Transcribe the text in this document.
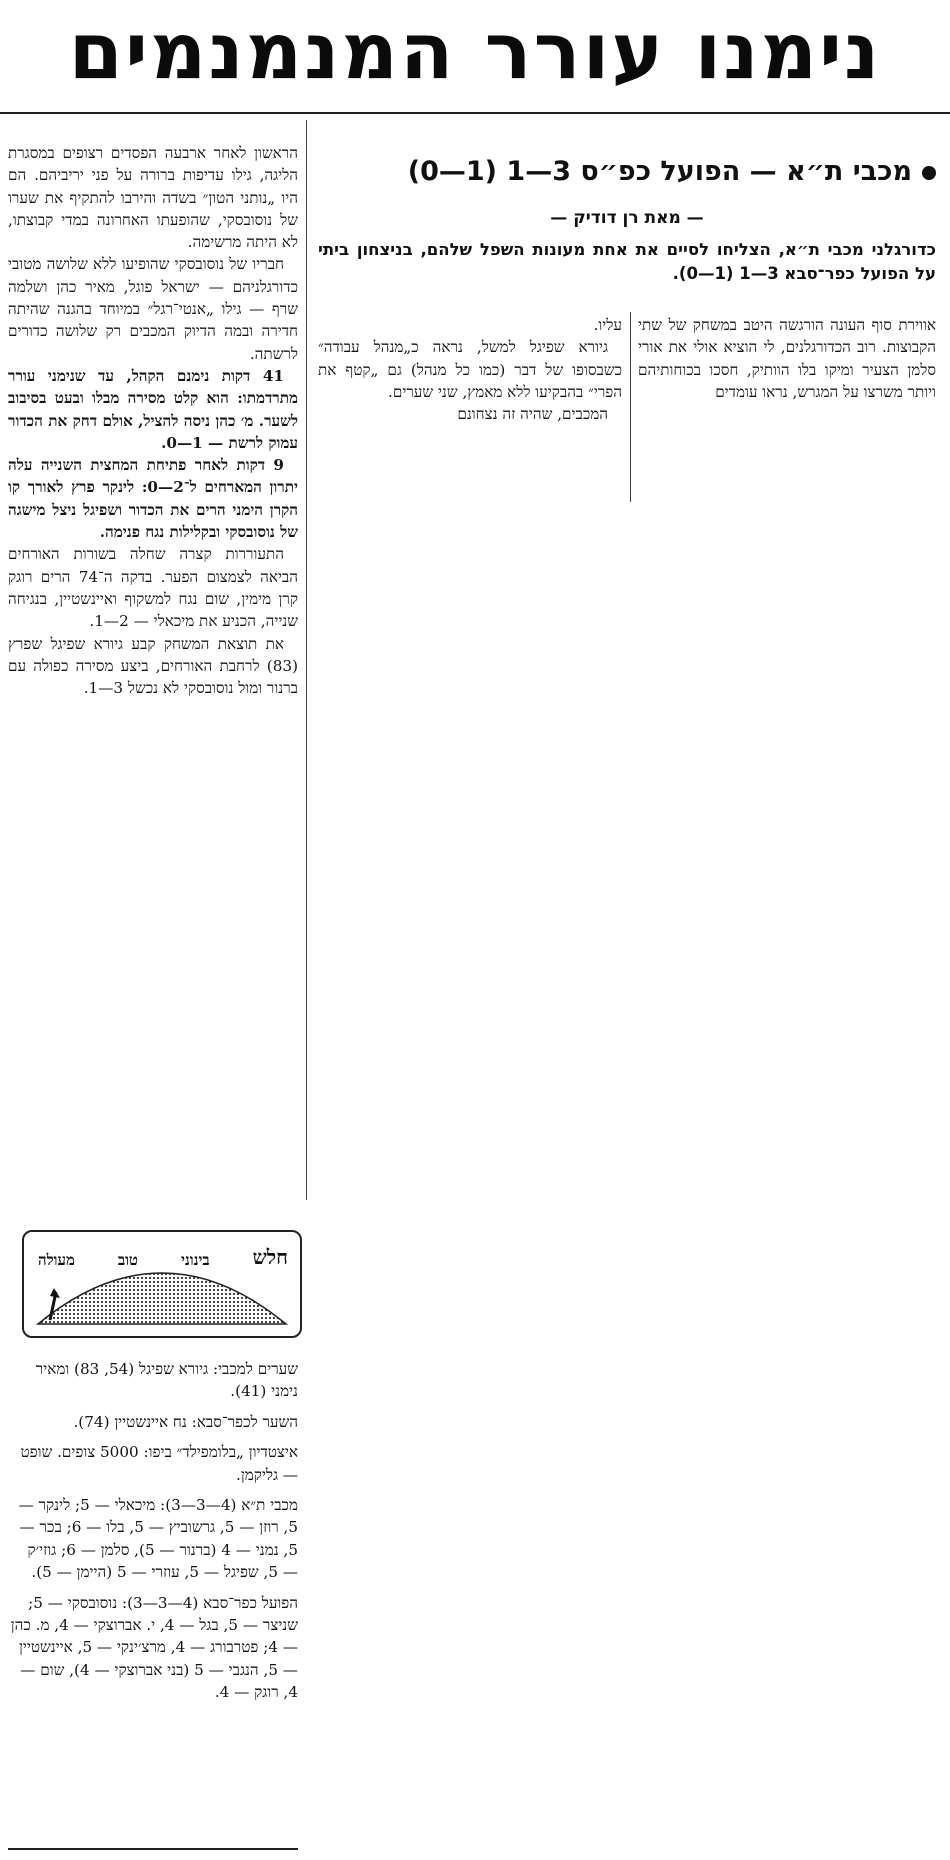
נימנו עורר המנמנמים
מכבי ת״א — הפועל כפ״ס 3—1 (1—0)
— מאת רן דודיק —
כדורגלני מכבי ת״א, הצליחו לסיים את אחת מעונות השפל שלהם, בניצחון ביתי על הפועל כפר־סבא 3—1 (1—0).

אווירת סוף העונה הורגשה היטב במשחק של שתי הקבוצות. רוב הכדורגלנים, לי הוציא אולי את אורי סלמן הצעיר ומיקו בלו הוותיק, חסכו בכוחותיהם ויותר משרצו על המגרש, נראו עומדים

עליו.

גיורא שפיגל למשל, נראה כ„מנהל עבודה״ כשבסופו של דבר (כמו כל מנהל) גם „קטף את הפרי״ בהבקיעו ללא מאמץ, שני שערים.

המכבים, שהיה זה נצחונם

הראשון לאחר ארבעה הפסדים רצופים במסגרת הליגה, גילו עדיפות ברורה על פני יריביהם. הם היו „נותני הטון״ בשדה והירבו להתקיף את שערו של נוסובסקי, שהופעתו האחרונה במדי קבוצתו, לא היתה מרשימה.

חבריו של נוסובסקי שהופיעו ללא שלושה מטובי כדורגלניהם — ישראל פוגל, מאיר כהן ושלמה שרף — גילו „אנטי־רגל״ במיוחד בהגנה שהיתה חדירה ובמה הדיוק המכבים רק שלושה כדורים לרשתה.

41 דקות נימנם הקהל, עד שנימני עורר מתרדמתו: הוא קלט מסירה מבלו ובעט בסיבוב לשער. מ׳ כהן ניסה להציל, אולם דחק את הכדור עמוק לרשת — 1—0.

9 דקות לאחר פתיחת המחצית השנייה עלה יתרון המארחים ל־2—0: לינקר פרץ לאורך קו הקרן הימני הרים את הכדור ושפיגל ניצל מישגה של נוסובסקי ובקלילות נגח פנימה.

התעוררות קצרה שחלה בשורות האורחים הביאה לצמצום הפער. בדקה ה־74 הרים רוגק קרן מימין, שום נגח למשקוף ואיינשטיין, בנגיחה שנייה, הכניע את מיכאלי — 2—1.

את תוצאת המשחק קבע גיורא שפיגל שפרץ (83) לרחבת האורחים, ביצע מסירה כפולה עם ברנור ומול נוסובסקי לא נכשל 3—1.

חלש
בינוני
טוב
מעולה

שערים למכבי: גיורא שפיגל (54, 83) ומאיר נימני (41).

השער לכפר־סבא: נח איינשטיין (74).

איצטדיון „בלומפילד״ ביפו: 5000 צופים. שופט — גליקמן.

מכבי ת״א (4—3—3): מיכאלי — 5; לינקר — 5, רוזן — 5, גרשוביץ — 5, בלו — 6; בכר — 5, נמני — 4 (ברנור — 5), סלמן — 6; גוזי׳ק — 5, שפיגל — 5, עוזרי — 5 (היימן — 5).

הפועל כפר־סבא (4—3—3): נוסובסקי — 5; שניצר — 5, בגל — 4, י. אברוצקי — 4, מ. כהן — 4; פטרבורג — 4, מרצ׳ינקי — 5, איינשטיין — 5, הנגבי — 5 (בני אברוצקי — 4), שום — 4, רוגק — 4.
